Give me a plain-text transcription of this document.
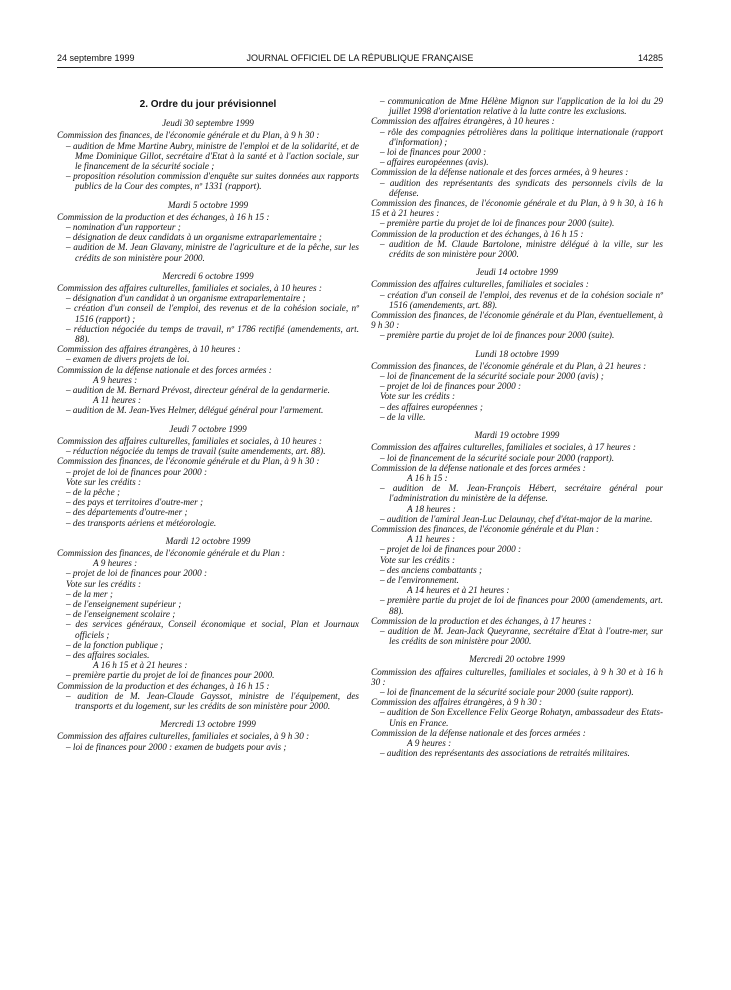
24 septembre 1999	JOURNAL OFFICIEL DE LA RÉPUBLIQUE FRANÇAISE	14285
2. Ordre du jour prévisionnel
Jeudi 30 septembre 1999
Commission des finances, de l'économie générale et du Plan, à 9 h 30 :
– audition de Mme Martine Aubry, ministre de l'emploi et de la solidarité, et de Mme Dominique Gillot, secrétaire d'Etat à la santé et à l'action sociale, sur le financement de la sécurité sociale ;
– proposition résolution commission d'enquête sur suites données aux rapports publics de la Cour des comptes, nº 1331 (rapport).
Mardi 5 octobre 1999
Commission de la production et des échanges, à 16 h 15 :
– nomination d'un rapporteur ;
– désignation de deux candidats à un organisme extraparlementaire ;
– audition de M. Jean Glavany, ministre de l'agriculture et de la pêche, sur les crédits de son ministère pour 2000.
Mercredi 6 octobre 1999
Commission des affaires culturelles, familiales et sociales, à 10 heures :
– désignation d'un candidat à un organisme extraparlementaire ;
– création d'un conseil de l'emploi, des revenus et de la cohésion sociale, nº 1516 (rapport) ;
– réduction négociée du temps de travail, nº 1786 rectifié (amendements, art. 88).
Commission des affaires étrangères, à 10 heures :
– examen de divers projets de loi.
Commission de la défense nationale et des forces armées :
A 9 heures :
– audition de M. Bernard Prévost, directeur général de la gendarmerie.
A 11 heures :
– audition de M. Jean-Yves Helmer, délégué général pour l'armement.
Jeudi 7 octobre 1999
Commission des affaires culturelles, familiales et sociales, à 10 heures :
– réduction négociée du temps de travail (suite amendements, art. 88).
Commission des finances, de l'économie générale et du Plan, à 9 h 30 :
– projet de loi de finances pour 2000 :
Vote sur les crédits :
– de la pêche ;
– des pays et territoires d'outre-mer ;
– des départements d'outre-mer ;
– des transports aériens et météorologie.
Mardi 12 octobre 1999
Commission des finances, de l'économie générale et du Plan :
A 9 heures :
– projet de loi de finances pour 2000 :
Vote sur les crédits :
– de la mer ;
– de l'enseignement supérieur ;
– de l'enseignement scolaire ;
– des services généraux, Conseil économique et social, Plan et Journaux officiels ;
– de la fonction publique ;
– des affaires sociales.
A 16 h 15 et à 21 heures :
– première partie du projet de loi de finances pour 2000.
Commission de la production et des échanges, à 16 h 15 :
– audition de M. Jean-Claude Gayssot, ministre de l'équipement, des transports et du logement, sur les crédits de son ministère pour 2000.
Mercredi 13 octobre 1999
Commission des affaires culturelles, familiales et sociales, à 9 h 30 :
– loi de finances pour 2000 : examen de budgets pour avis ;
– communication de Mme Hélène Mignon sur l'application de la loi du 29 juillet 1998 d'orientation relative à la lutte contre les exclusions.
Commission des affaires étrangères, à 10 heures :
– rôle des compagnies pétrolières dans la politique internationale (rapport d'information) ;
– loi de finances pour 2000 :
– affaires européennes (avis).
Commission de la défense nationale et des forces armées, à 9 heures :
– audition des représentants des syndicats des personnels civils de la défense.
Commission des finances, de l'économie générale et du Plan, à 9 h 30, à 16 h 15 et à 21 heures :
– première partie du projet de loi de finances pour 2000 (suite).
Commission de la production et des échanges, à 16 h 15 :
– audition de M. Claude Bartolone, ministre délégué à la ville, sur les crédits de son ministère pour 2000.
Jeudi 14 octobre 1999
Commission des affaires culturelles, familiales et sociales :
– création d'un conseil de l'emploi, des revenus et de la cohésion sociale nº 1516 (amendements, art. 88).
Commission des finances, de l'économie générale et du Plan, éventuellement, à 9 h 30 :
– première partie du projet de loi de finances pour 2000 (suite).
Lundi 18 octobre 1999
Commission des finances, de l'économie générale et du Plan, à 21 heures :
– loi de financement de la sécurité sociale pour 2000 (avis) ;
– projet de loi de finances pour 2000 :
Vote sur les crédits :
– des affaires européennes ;
– de la ville.
Mardi 19 octobre 1999
Commission des affaires culturelles, familiales et sociales, à 17 heures :
– loi de financement de la sécurité sociale pour 2000 (rapport).
Commission de la défense nationale et des forces armées :
A 16 h 15 :
– audition de M. Jean-François Hébert, secrétaire général pour l'administration du ministère de la défense.
A 18 heures :
– audition de l'amiral Jean-Luc Delaunay, chef d'état-major de la marine.
Commission des finances, de l'économie générale et du Plan :
A 11 heures :
– projet de loi de finances pour 2000 :
Vote sur les crédits :
– des anciens combattants ;
– de l'environnement.
A 14 heures et à 21 heures :
– première partie du projet de loi de finances pour 2000 (amendements, art. 88).
Commission de la production et des échanges, à 17 heures :
– audition de M. Jean-Jack Queyranne, secrétaire d'Etat à l'outre-mer, sur les crédits de son ministère pour 2000.
Mercredi 20 octobre 1999
Commission des affaires culturelles, familiales et sociales, à 9 h 30 et à 16 h 30 :
– loi de financement de la sécurité sociale pour 2000 (suite rapport).
Commission des affaires étrangères, à 9 h 30 :
– audition de Son Excellence Felix George Rohatyn, ambassadeur des Etats-Unis en France.
Commission de la défense nationale et des forces armées :
A 9 heures :
– audition des représentants des associations de retraités militaires.
